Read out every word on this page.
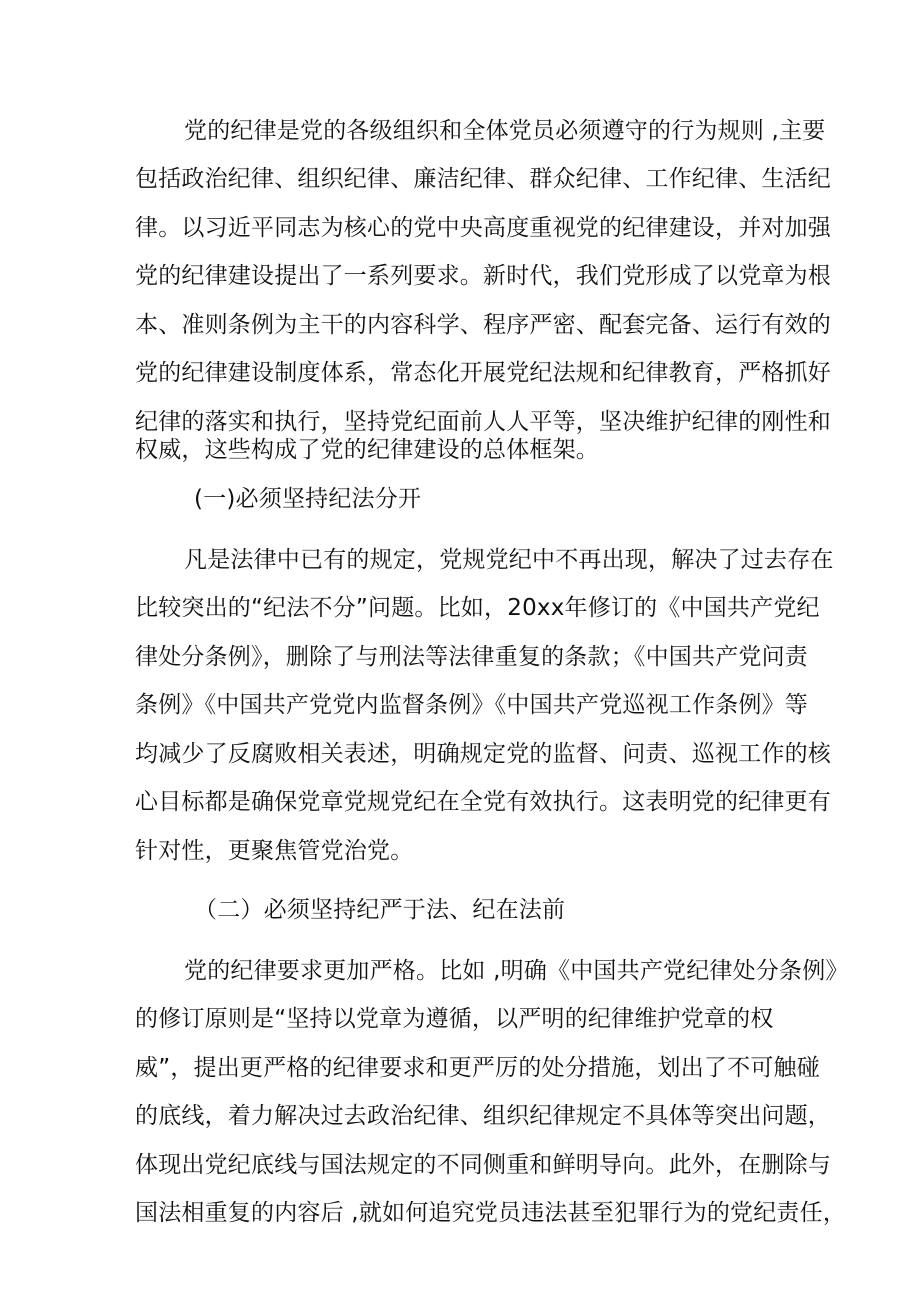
党的纪律是党的各级组织和全体党员必须遵守的行为规则 ,主要
包括政治纪律、组织纪律、廉洁纪律、群众纪律、工作纪律、生活纪
律。以习近平同志为核心的党中央高度重视党的纪律建设，并对加强
党的纪律建设提出了一系列要求。新时代，我们党形成了以党章为根
本、准则条例为主干的内容科学、程序严密、配套完备、运行有效的
党的纪律建设制度体系，常态化开展党纪法规和纪律教育，严格抓好
纪律的落实和执行，坚持党纪面前人人平等，坚决维护纪律的刚性和
权威，这些构成了党的纪律建设的总体框架。
(一)必须坚持纪法分开
凡是法律中已有的规定，党规党纪中不再出现，解决了过去存在
比较突出的“纪法不分”问题。比如，20xx年修订的《中国共产党纪
律处分条例》，删除了与刑法等法律重复的条款；《中国共产党问责
条例》《中国共产党党内监督条例》《中国共产党巡视工作条例》等
均减少了反腐败相关表述，明确规定党的监督、问责、巡视工作的核
心目标都是确保党章党规党纪在全党有效执行。这表明党的纪律更有
针对性，更聚焦管党治党。
（二）必须坚持纪严于法、纪在法前
党的纪律要求更加严格。比如 ,明确《中国共产党纪律处分条例》
的修订原则是“坚持以党章为遵循，以严明的纪律维护党章的权
威”，提出更严格的纪律要求和更严厉的处分措施，划出了不可触碰
的底线，着力解决过去政治纪律、组织纪律规定不具体等突出问题，
体现出党纪底线与国法规定的不同侧重和鲜明导向。此外，在删除与
国法相重复的内容后 ,就如何追究党员违法甚至犯罪行为的党纪责任，
